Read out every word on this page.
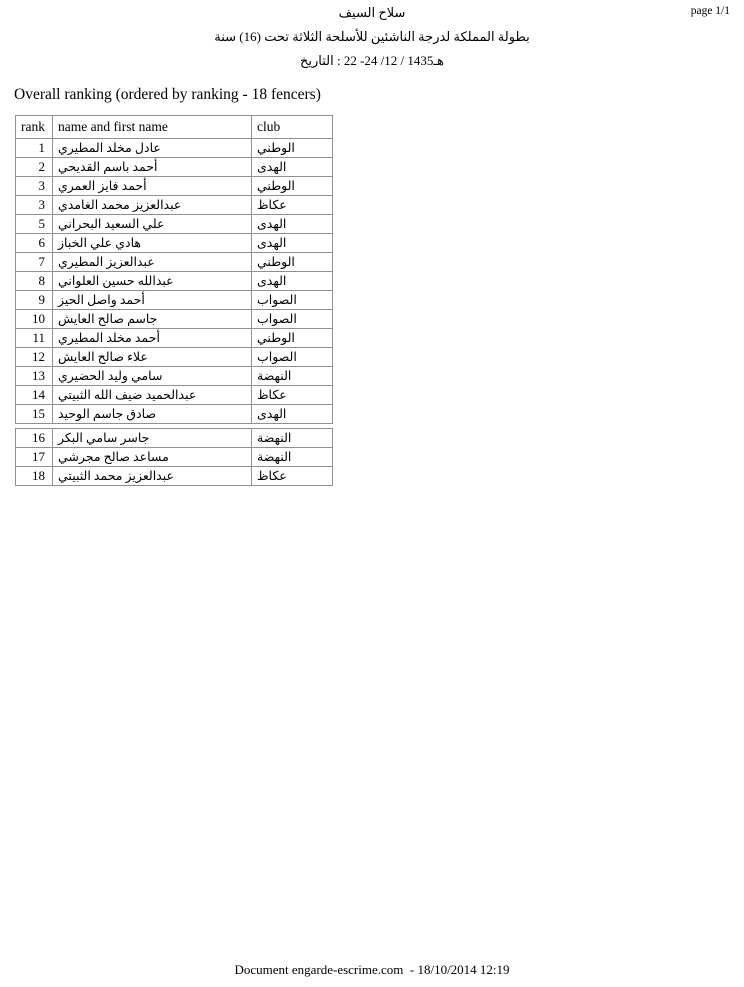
page 1/1
سلاح السيف
بطولة المملكة لدرجة الناشئين للأسلحة الثلاثة تحت (16) سنة
التاريخ : ‎22 -24 /12 / 1435هـ
Overall ranking (ordered by ranking - 18 fencers)
rank	name and first name	club
1	عادل مخلد المطيري	الوطني
2	أحمد باسم القديحي	الهدى
3	أحمد فايز العمري	الوطني
3	عبدالعزيز محمد الغامدي	عكاظ
5	علي السعيد البحراني	الهدى
6	هادي علي الخباز	الهدى
7	عبدالعزيز المطيري	الوطني
8	عبدالله حسين العلواني	الهدى
9	أحمد واصل الحيز	الصواب
10	جاسم صالح العايش	الصواب
11	أحمد مخلد المطيري	الوطني
12	علاء صالح العايش	الصواب
13	سامي وليد الحضيري	النهضة
14	عبدالحميد ضيف الله الثبيتي	عكاظ
15	صادق جاسم الوحيد	الهدى
16	جاسر سامي البكر	النهضة
17	مساعد صالح مجرشي	النهضة
18	عبدالعزيز محمد الثبيتي	عكاظ
Document engarde-escrime.com  - 18/10/2014 12:19
